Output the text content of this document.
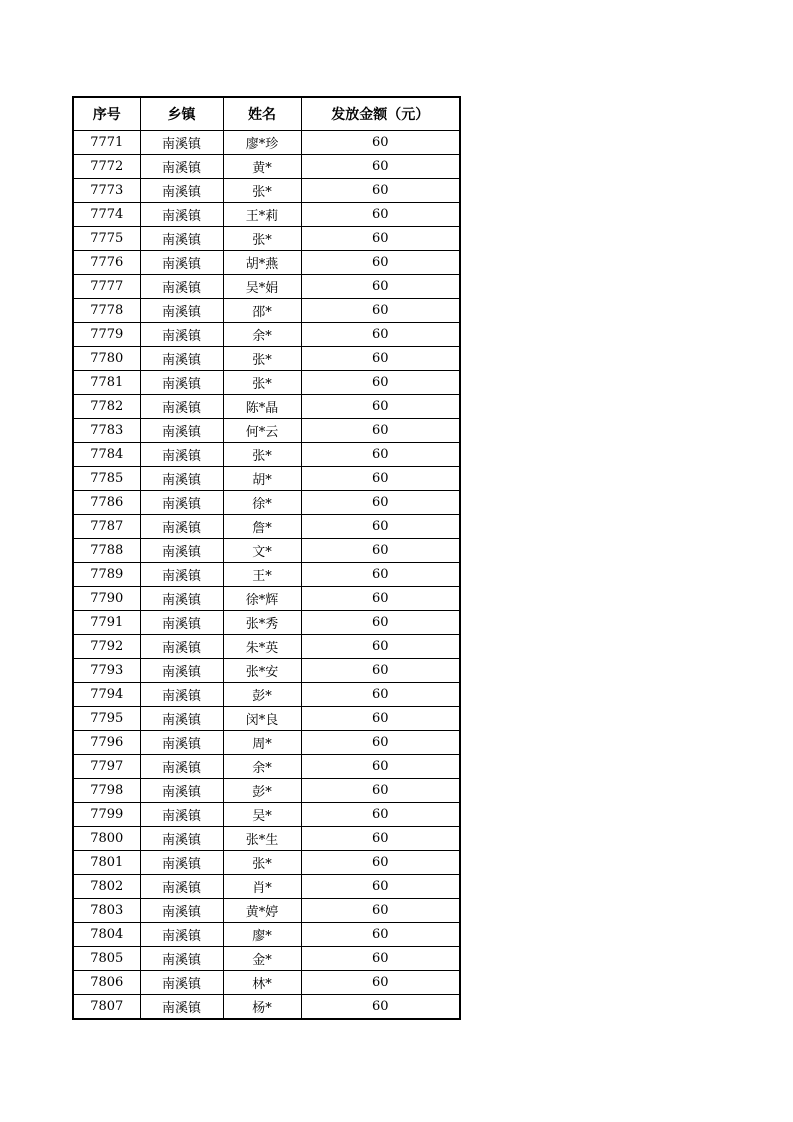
序号	乡镇	姓名	发放金额（元）
7771	南溪镇	廖*珍	60
7772	南溪镇	黄*	60
7773	南溪镇	张*	60
7774	南溪镇	王*莉	60
7775	南溪镇	张*	60
7776	南溪镇	胡*燕	60
7777	南溪镇	吴*娟	60
7778	南溪镇	邵*	60
7779	南溪镇	余*	60
7780	南溪镇	张*	60
7781	南溪镇	张*	60
7782	南溪镇	陈*晶	60
7783	南溪镇	何*云	60
7784	南溪镇	张*	60
7785	南溪镇	胡*	60
7786	南溪镇	徐*	60
7787	南溪镇	詹*	60
7788	南溪镇	文*	60
7789	南溪镇	王*	60
7790	南溪镇	徐*辉	60
7791	南溪镇	张*秀	60
7792	南溪镇	朱*英	60
7793	南溪镇	张*安	60
7794	南溪镇	彭*	60
7795	南溪镇	闵*良	60
7796	南溪镇	周*	60
7797	南溪镇	余*	60
7798	南溪镇	彭*	60
7799	南溪镇	吴*	60
7800	南溪镇	张*生	60
7801	南溪镇	张*	60
7802	南溪镇	肖*	60
7803	南溪镇	黄*婷	60
7804	南溪镇	廖*	60
7805	南溪镇	金*	60
7806	南溪镇	林*	60
7807	南溪镇	杨*	60
